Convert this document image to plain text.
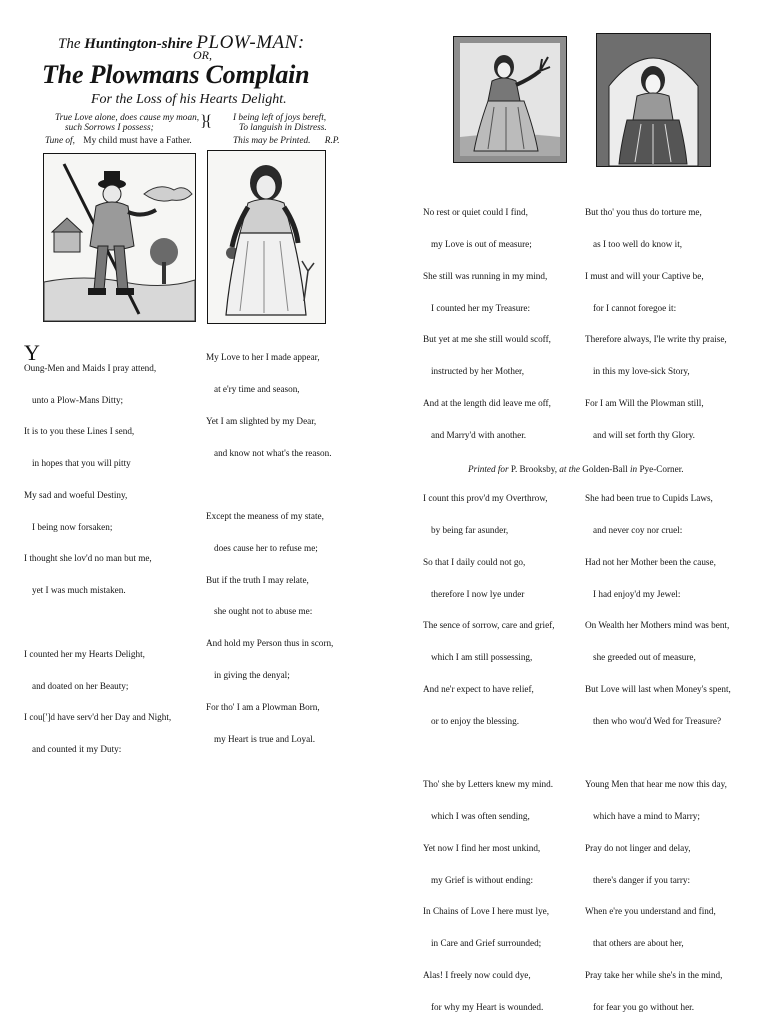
The Huntington-shire PLOW-MAN:
OR,
The Plowmans Complain
For the Loss of his Hearts Delight.
True Love alone, does cause my moan,
such Sorrows I possess;	}{	I being left of joys bereft,
To languish in Distress.
Tune of, My child must have a Father.	This may be Printed. R.P.

Y

Oung-Men and Maids I pray attend,

unto a Plow-Mans Ditty;

It is to you these Lines I send,

in hopes that you will pitty

My sad and woeful Destiny,

I being now forsaken;

I thought she lov'd no man but me,

yet I was much mistaken.

I counted her my Hearts Delight,

and doated on her Beauty;

I cou[']d have serv'd her Day and Night,

and counted it my Duty:

My Love to her I made appear,

at e'ry time and season,

Yet I am slighted by my Dear,

and know not what's the reason.

Except the meaness of my state,

does cause her to refuse me;

But if the truth I may relate,

she ought not to abuse me:

And hold my Person thus in scorn,

in giving the denyal;

For tho' I am a Plowman Born,

my Heart is true and Loyal.

No rest or quiet could I find,

my Love is out of measure;

She still was running in my mind,

I counted her my Treasure:

But yet at me she still would scoff,

instructed by her Mother,

And at the length did leave me off,

and Marry'd with another.

I count this prov'd my Overthrow,

by being far asunder,

So that I daily could not go,

therefore I now lye under

The sence of sorrow, care and grief,

which I am still possessing,

And ne'r expect to have relief,

or to enjoy the blessing.

Tho' she by Letters knew my mind.

which I was often sending,

Yet now I find her most unkind,

my Grief is without ending:

In Chains of Love I here must lye,

in Care and Grief surrounded;

Alas! I freely now could dye,

for why my Heart is wounded.

But tho' you thus do torture me,

as I too well do know it,

I must and will your Captive be,

for I cannot foregoe it:

Therefore always, I'le write thy praise,

in this my love-sick Story,

For I am Will the Plowman still,

and will set forth thy Glory.

She had been true to Cupids Laws,

and never coy nor cruel:

Had not her Mother been the cause,

I had enjoy'd my Jewel:

On Wealth her Mothers mind was bent,

she greeded out of measure,

But Love will last when Money's spent,

then who wou'd Wed for Treasure?

Young Men that hear me now this day,

which have a mind to Marry;

Pray do not linger and delay,

there's danger if you tarry:

When e're you understand and find,

that others are about her,

Pray take her while she's in the mind,

for fear you go without her.

Printed for P. Brooksby, at the Golden-Ball in Pye-Corner.
